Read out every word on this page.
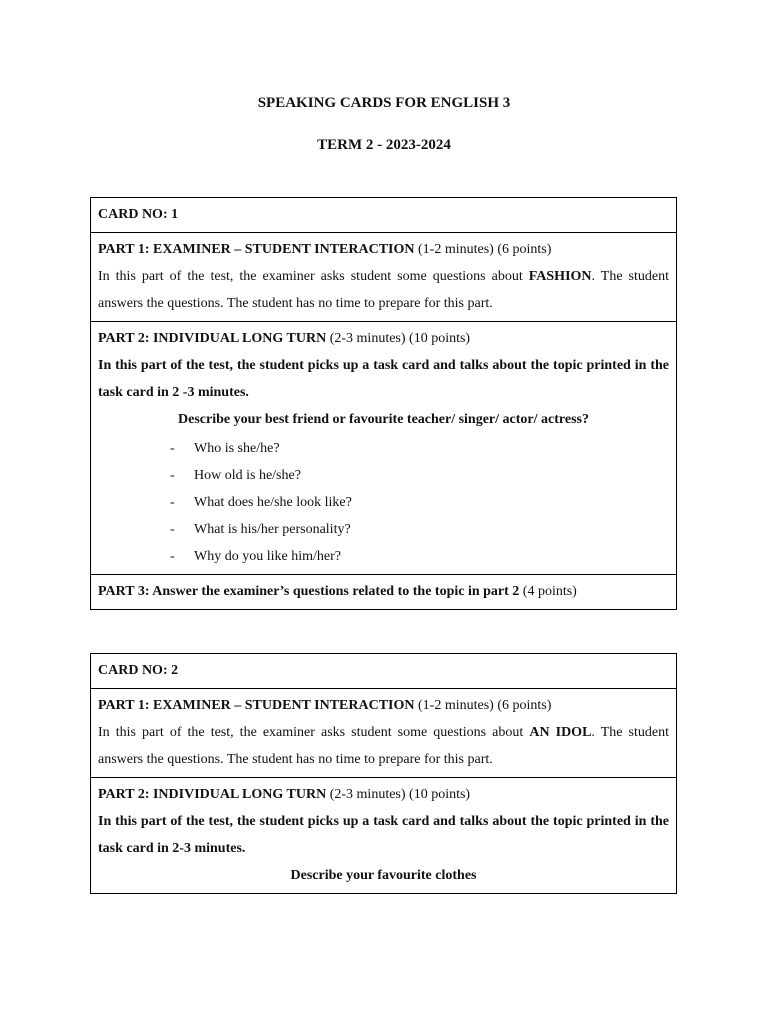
SPEAKING CARDS FOR ENGLISH 3
TERM 2 - 2023-2024
CARD NO: 1
PART 1: EXAMINER – STUDENT INTERACTION (1-2 minutes) (6 points)
In this part of the test, the examiner asks student some questions about FASHION. The student answers the questions. The student has no time to prepare for this part.
PART 2: INDIVIDUAL LONG TURN (2-3 minutes) (10 points)
In this part of the test, the student picks up a task card and talks about the topic printed in the task card in 2 -3 minutes.
Describe your best friend or favourite teacher/ singer/ actor/ actress?
- Who is she/he?
- How old is he/she?
- What does he/she look like?
- What is his/her personality?
- Why do you like him/her?
PART 3: Answer the examiner’s questions related to the topic in part 2 (4 points)
CARD NO: 2
PART 1: EXAMINER – STUDENT INTERACTION (1-2 minutes) (6 points)
In this part of the test, the examiner asks student some questions about AN IDOL. The student answers the questions. The student has no time to prepare for this part.
PART 2: INDIVIDUAL LONG TURN (2-3 minutes) (10 points)
In this part of the test, the student picks up a task card and talks about the topic printed in the task card in 2-3 minutes.
Describe your favourite clothes
